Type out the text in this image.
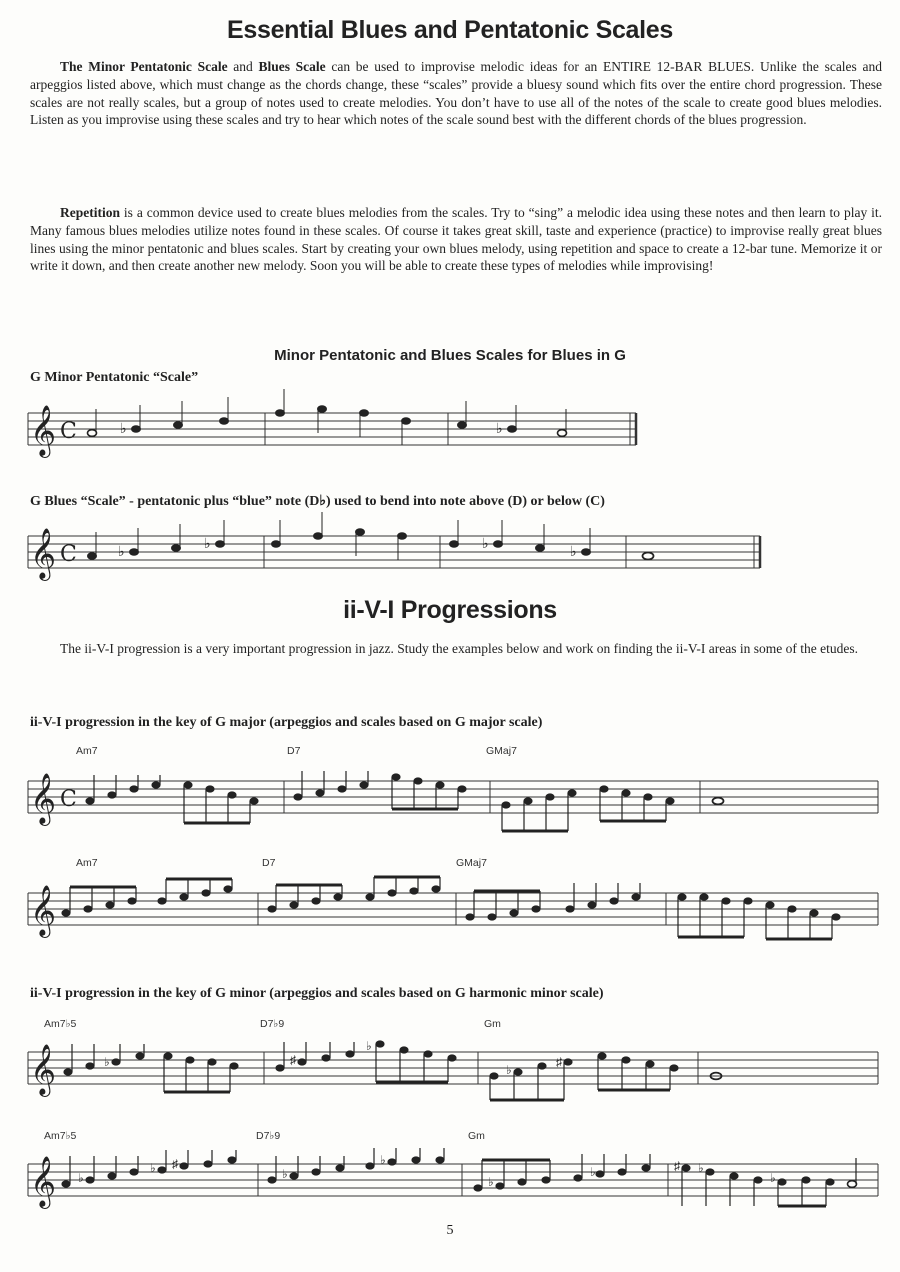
Essential Blues and Pentatonic Scales

The Minor Pentatonic Scale and Blues Scale can be used to improvise melodic ideas for an ENTIRE 12-BAR BLUES. Unlike the scales and arpeggios listed above, which must change as the chords change, these “scales” provide a bluesy sound which fits over the entire chord progression. These scales are not really scales, but a group of notes used to create melodies. You don’t have to use all of the notes of the scale to create good blues melodies. Listen as you improvise using these scales and try to hear which notes of the scale sound best with the different chords of the blues progression.

Repetition is a common device used to create blues melodies from the scales. Try to “sing” a melodic idea using these notes and then learn to play it. Many famous blues melodies utilize notes found in these scales. Of course it takes great skill, taste and experience (practice) to improvise really great blues lines using the minor pentatonic and blues scales. Start by creating your own blues melody, using repetition and space to create a 12-bar tune. Memorize it or write it down, and then create another new melody. Soon you will be able to create these types of melodies while improvising!

Minor Pentatonic and Blues Scales for Blues in G

G Minor Pentatonic “Scale”

𝄞 C	♭	♭

G Blues “Scale” - pentatonic plus “blue” note (D♭) used to bend into note above (D) or below (C)

𝄞 C	♭
♭	♭
♭
ii-V-I Progressions

The ii-V-I progression is a very important progression in jazz. Study the examples below and work on finding the ii-V-I areas in some of the etudes.

ii-V-I progression in the key of G major (arpeggios and scales based on G major scale)

Am7	D7	GMaj7
𝄞 C
Am7	D7	GMaj7
𝄞

ii-V-I progression in the key of G minor (arpeggios and scales based on G harmonic minor scale)

Am7♭5	D7♭9	Gm
𝄞	♭	♯
♭
♭
♯
Am7♭5	D7♭9	Gm
𝄞 ♭
♭ ♯
♭
♭
♭
♭	♯ ♭
♭
5
